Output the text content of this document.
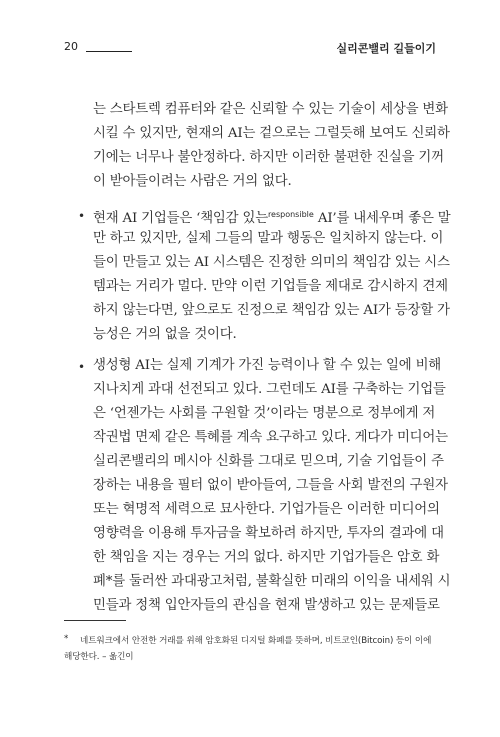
20	실리콘밸리 길들이기
는 스타트렉 컴퓨터와 같은 신뢰할 수 있는 기술이 세상을 변화
시킬 수 있지만, 현재의 AI는 겉으로는 그럴듯해 보여도 신뢰하
기에는 너무나 불안정하다. 하지만 이러한 불편한 진실을 기꺼
이 받아들이려는 사람은 거의 없다.
• 현재 AI 기업들은 ‘책임감 있는$^{responsible}$ AI’를 내세우며 좋은 말
만 하고 있지만, 실제 그들의 말과 행동은 일치하지 않는다. 이
들이 만들고 있는 AI 시스템은 진정한 의미의 책임감 있는 시스
템과는 거리가 멀다. 만약 이런 기업들을 제대로 감시하지 견제
하지 않는다면, 앞으로도 진정으로 책임감 있는 AI가 등장할 가
능성은 거의 없을 것이다.
• 생성형 AI는 실제 기계가 가진 능력이나 할 수 있는 일에 비해
지나치게 과대 선전되고 있다. 그런데도 AI를 구축하는 기업들
은 ‘언젠가는 사회를 구원할 것’이라는 명분으로 정부에게 저
작권법 면제 같은 특혜를 계속 요구하고 있다. 게다가 미디어는
실리콘밸리의 메시아 신화를 그대로 믿으며, 기술 기업들이 주
장하는 내용을 필터 없이 받아들여, 그들을 사회 발전의 구원자
또는 혁명적 세력으로 묘사한다. 기업가들은 이러한 미디어의
영향력을 이용해 투자금을 확보하려 하지만, 투자의 결과에 대
한 책임을 지는 경우는 거의 없다. 하지만 기업가들은 암호 화
폐*를 둘러싼 과대광고처럼, 불확실한 미래의 이익을 내세워 시
민들과 정책 입안자들의 관심을 현재 발생하고 있는 문제들로
* 네트워크에서 안전한 거래를 위해 암호화된 디지털 화폐를 뜻하며, 비트코인(Bitcoin) 등이 이에
해당한다. – 옮긴이
